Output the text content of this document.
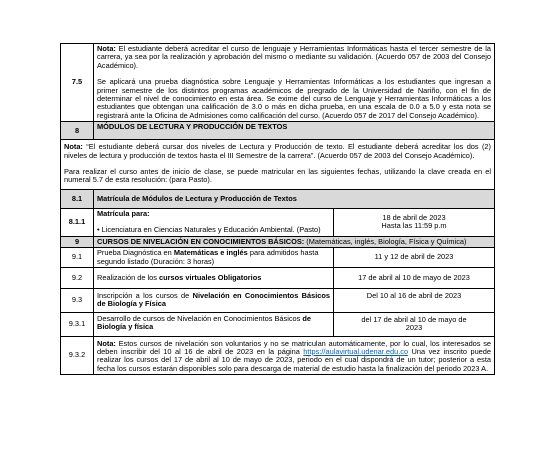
7.5	Nota: El estudiante deberá acreditar el curso de lenguaje y Herramientas Informáticas hasta el tercer semestre de la carrera, ya sea por la realización y aprobación del mismo o mediante su validación. (Acuerdo 057 de 2003 del Consejo Académico).
Se aplicará una prueba diagnóstica sobre Lenguaje y Herramientas Informáticas a los estudiantes que ingresan a primer semestre de los distintos programas académicos de pregrado de la Universidad de Nariño, con el fin de determinar el nivel de conocimiento en esta área. Se exime del curso de Lenguaje y Herramientas Informáticas a los estudiantes que obtengan una calificación de 3.0 o más en dicha prueba, en una escala de 0.0 a 5.0 y esta nota se registrará ante la Oficina de Admisiones como calificación del curso. (Acuerdo 057 de 2017 del Consejo Académico).	
8	MÓDULOS DE LECTURA Y PRODUCCIÓN DE TEXTOS	
Nota: “El estudiante deberá cursar dos niveles de Lectura y Producción de texto. El estudiante deberá acreditar los dos (2) niveles de lectura y producción de textos hasta el III Semestre de la carrera”. (Acuerdo 057 de 2003 del Consejo Académico).
Para realizar el curso antes de inicio de clase, se puede matricular en las siguientes fechas, utilizando la clave creada en el numeral 5.7 de esta resolución: (para Pasto).		
8.1	Matrícula de Módulos de Lectura y Producción de Textos	
8.1.1	Matrícula para:
• Licenciatura en Ciencias Naturales y Educación Ambiental. (Pasto)	18 de abril de 2023
Hasta las 11:59 p.m
9	CURSOS DE NIVELACIÓN EN CONOCIMIENTOS BÁSICOS: (Matemáticas, inglés, Biología, Física y Química)	
9.1	Prueba Diagnóstica en Matemáticas e inglés para admitidos hasta segundo listado (Duración: 3 horas)	11 y 12 de abril de 2023
9.2	Realización de los cursos virtuales Obligatorios	17 de abril al 10 de mayo de 2023
9.3	Inscripción a los cursos de Nivelación en Conocimientos Básicos de Biología y Física	Del 10 al 16 de abril de 2023
9.3.1	Desarrollo de cursos de Nivelación en Conocimientos Básicos de Biología y física	del 17 de abril al 10 de mayo de
2023
9.3.2	Nota: Estos cursos de nivelación son voluntarios y no se matriculan automáticamente, por lo cual, los interesados se deben inscribir del 10 al 16 de abril de 2023 en la página https://aulavirtual.udenar.edu.co Una vez inscrito puede realizar los cursos del 17 de abril al 10 de mayo de 2023, periodo en el cual dispondrá de un tutor; posterior a esta fecha los cursos estarán disponibles solo para descarga de material de estudio hasta la finalización del periodo 2023 A.	
